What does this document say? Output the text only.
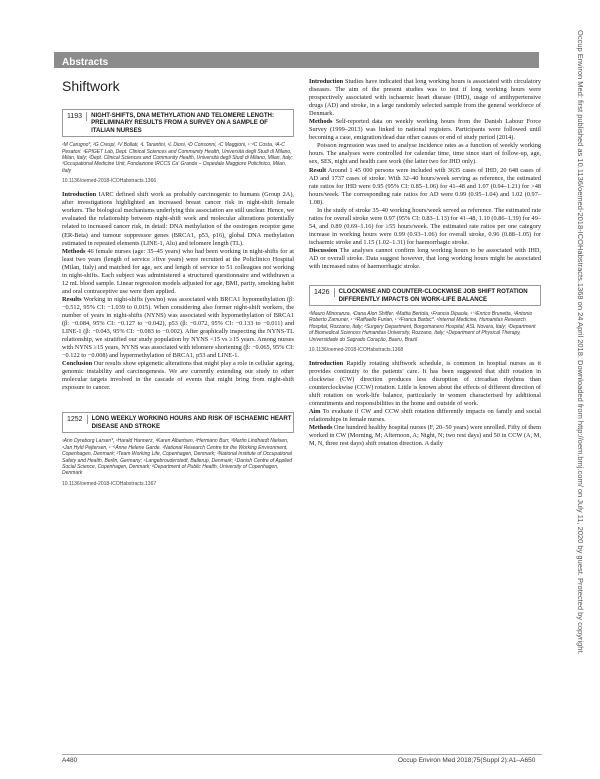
Abstracts
Shiftwork
1193	NIGHT-SHIFTS, DNA METHYLATION AND TELOMERE LENGTH: PRELIMINARY RESULTS FROM A SURVEY ON A SAMPLE OF ITALIAN NURSES
¹M Carugno*, ²G Crespi, ³V Bollati, ¹L Tarantini, ¹L Dioni, ¹D Consonni, ¹C Maggioni, ¹⁻²C Costa, ³A-C Pesatori. ¹EPIGET Lab, Dept. Clinical Sciences and Community Health, Università degli Studi di Milano, Milan, Italy; ²Dept. Clinical Sciences and Community Health, Università degli Studi di Milano, Milan, Italy; ³Occupational Medicine Unit, Fondazione IRCCS Ca' Granda – Ospedale Maggiore Policlinico, Milan, Italy
10.1136/oemed-2018-ICOHabstracts.1366

Introduction IARC defined shift work as probably carcinogenic to humans (Group 2A), after investigations highlighted an increased breast cancer risk in night-shift female workers. The biological mechanisms underlying this association are still unclear. Hence, we evaluated the relationship between night-shift work and molecular alterations potentially related to increased cancer risk, in detail: DNA methylation of the oestrogen receptor gene (ER-Beta) and tumour suppressor genes (BRCA1, p53, p16), global DNA methylation estimated in repeated elements (LINE-1, Alu) and telomere length (TL).

Methods 46 female nurses (age: 35–45 years) who had been working in night-shifts for at least two years (length of service ≥five years) were recruited at the Policlinico Hospital (Milan, Italy) and matched for age, sex and length of service to 51 colleagues not working in night-shifts. Each subject was administered a structured questionnaire and withdrawn a 12 mL blood sample. Linear regression models adjusted for age, BMI, parity, smoking habit and oral contraceptive use were then applied.

Results Working in night-shifts (yes/no) was associated with BRCA1 hypomethylation (β: −0.512, 95% CI: −1.039 to 0.015). When considering also former night-shift workers, the number of years in night-shifts (NYNS) was associated with hypomethylation of BRCA1 (β: −0.084, 95% CI: −0.127 to −0.042), p53 (β: −0.072, 95% CI: −0.133 to −0.011) and LINE-1 (β: −0.043, 95% CI: −0.083 to −0.002). After graphically inspecting the NYNS-TL relationship, we stratified our study population by NYNS <15 vs ≥15 years. Among nurses with NYNS ≥15 years, NYNS was associated with telomere shortening (β: −0.065, 95% CI: −0.122 to −0.008) and hypermethylation of BRCA1, p53 and LINE-1.

Conclusion Our results show epigenetic alterations that might play a role in cellular ageing, genomic instability and carcinogenesis. We are currently extending our study to other molecular targets involved in the cascade of events that might bring from night-shift exposure to cancer.

1252	LONG WEEKLY WORKING HOURS AND RISK OF ISCHAEMIC HEART DISEASE AND STROKE
¹Ann Dyreborg Larsen*, ¹Harald Hannerz, ¹Karen Albertsen, ²Hermann Burr, ³Martin Lindhardt Nielsen, ⁴Jan Hyld Pejtersen, ¹⁻⁵Anne Helene Garde. ¹National Research Centre for the Working Environment, Copenhagen, Denmark; ²Team Working Life, Copenhagen, Denmark; ³National Institute of Occupational Safety and Health, Berlin, Germany; ⁴Langebrouderstedt, Ballerup, Denmark; ⁵Danish Centre of Applied Social Science, Copenhagen, Denmark; ⁶Department of Public Health, University of Copenhagen, Denmark
10.1136/oemed-2018-ICOHabstracts.1367

Introduction Studies have indicated that long working hours is associated with circulatory diseases. The aim of the present studies was to test if long working hours were prospectively associated with ischaemic heart disease (IHD), usage of antihypertensive drugs (AD) and stroke, in a large randomly selected sample from the general workforce of Denmark.

Methods Self-reported data on weekly working hours from the Danish Labour Force Survey (1999–2013) was linked to national registers. Participants were followed until becoming a case, emigration/dead due other causes or end of study period (2014).

Poisson regression was used to analyse incidence rates as a function of weekly working hours. The analyses were controlled for calendar time, time since start of follow-up, age, sex, SES, night and health care work (the latter two for IHD only).

Result Around 1 45 000 persons were included with 3635 cases of IHD, 20 648 cases of AD and 1737 cases of stroke. With 32–40 hours/week serving as reference, the estimated rate ratios for IHD were 0.95 (95% CI: 0.85–1.06) for 41–48 and 1.07 (0.94–1.21) for >48 hours/week. The corresponding rate ratios for AD were 0.99 (0.95–1.04) and 1.02 (0.97–1.08).

In the study of stroke 35–40 working hours/week served as reference. The estimated rate ratios for overall stroke were 0.97 (95% CI: 0.83–1.13) for 41–48, 1.10 (0.86–1.39) for 49–54, and 0.89 (0.69–1.16) for ≥55 hours/week. The estimated rate ratios per one category increase in working hours were 0.99 (0.93–1.06) for overall stroke, 0.96 (0.88–1.05) for ischaemic stroke and 1.15 (1.02–1.31) for haemorrhagic stroke.

Discussion The analyses cannot confirm long working hours to be associated with IHD, AD or overall stroke. Data suggest however, that long working hours might be associated with increased rates of haemorrhagic stroke.

1426	CLOCKWISE AND COUNTER-CLOCKWISE JOB SHIFT ROTATION DIFFERENTLY IMPACTS ON WORK-LIFE BALANCE
¹Mauro Minoranza, ¹Dana Alon Shiffer, ¹Mattia Bertola, ¹Francia Dipaola, ¹⁻²Enrico Brunetta, ³Antonio Roberto Zamunér, ¹⁻²Raffaello Furlan, ¹⁻²Franca Barbic*. ¹Internal Medicine, Humanitas Research Hospital, Rozzano, Italy; ²Surgery Department, Borgomanero Hospital, ASL Novara, Italy; ³Department of Biomedical Sciences Humanitas University, Rozzano, Italy; ⁴Department of Physical Therapy, Universidade do Sagrado Coração, Bauru, Brazil
10.1136/oemed-2018-ICOHabstracts.1368

Introduction Rapidly rotating shiftwork schedule, is common in hospital nurses as it provides continuity to the patients' care. It has been suggested that shift rotation in clockwise (CW) direction produces less disruption of circadian rhythms than counterclockwise (CCW) rotation. Little is known about the effects of different direction of shift rotation on work-life balance, particularly in women characterised by additional commitments and responsibilities in the home and outside of work.

Aim To evaluate if CW and CCW shift rotation differently impacts on family and social relationships in female nurses.

Methods One hundred healthy hospital nurses (F, 20–50 years) were enrolled. Fifty of them worked in CW (Morning, M; Afternoon, A; Night, N; two rest days) and 50 in CCW (A, M, M, N, three rest days) shift rotation direction. A daily

A480	Occup Environ Med 2018;75(Suppl 2):A1–A650
Occup Environ Med: first published as 10.1136/oemed-2018-ICOHabstracts.1368 on 24 April 2018. Downloaded from http://oem.bmj.com/ on July 11, 2020 by guest. Protected by copyright.
